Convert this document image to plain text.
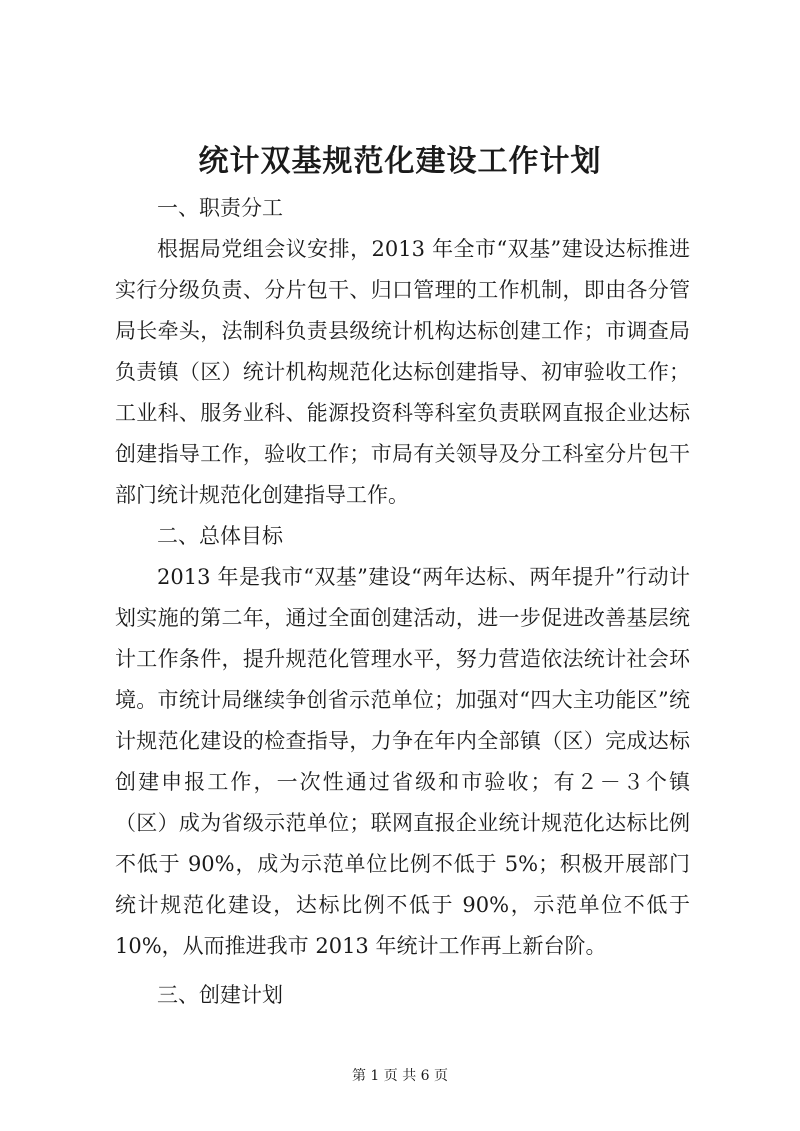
统计双基规范化建设工作计划

一、职责分工

根据局党组会议安排，2013 年全市“双基”建设达标推进实行分级负责、分片包干、归口管理的工作机制，即由各分管局长牵头，法制科负责县级统计机构达标创建工作；市调查局负责镇（区）统计机构规范化达标创建指导、初审验收工作；工业科、服务业科、能源投资科等科室负责联网直报企业达标创建指导工作，验收工作；市局有关领导及分工科室分片包干部门统计规范化创建指导工作。

二、总体目标

2013 年是我市“双基”建设“两年达标、两年提升”行动计划实施的第二年，通过全面创建活动，进一步促进改善基层统计工作条件，提升规范化管理水平，努力营造依法统计社会环境。市统计局继续争创省示范单位；加强对“四大主功能区”统计规范化建设的检查指导，力争在年内全部镇（区）完成达标创建申报工作，一次性通过省级和市验收；有２－３个镇（区）成为省级示范单位；联网直报企业统计规范化达标比例不低于 90%，成为示范单位比例不低于 5%；积极开展部门统计规范化建设，达标比例不低于 90%，示范单位不低于 10%，从而推进我市 2013 年统计工作再上新台阶。

三、创建计划

第 1 页 共 6 页
